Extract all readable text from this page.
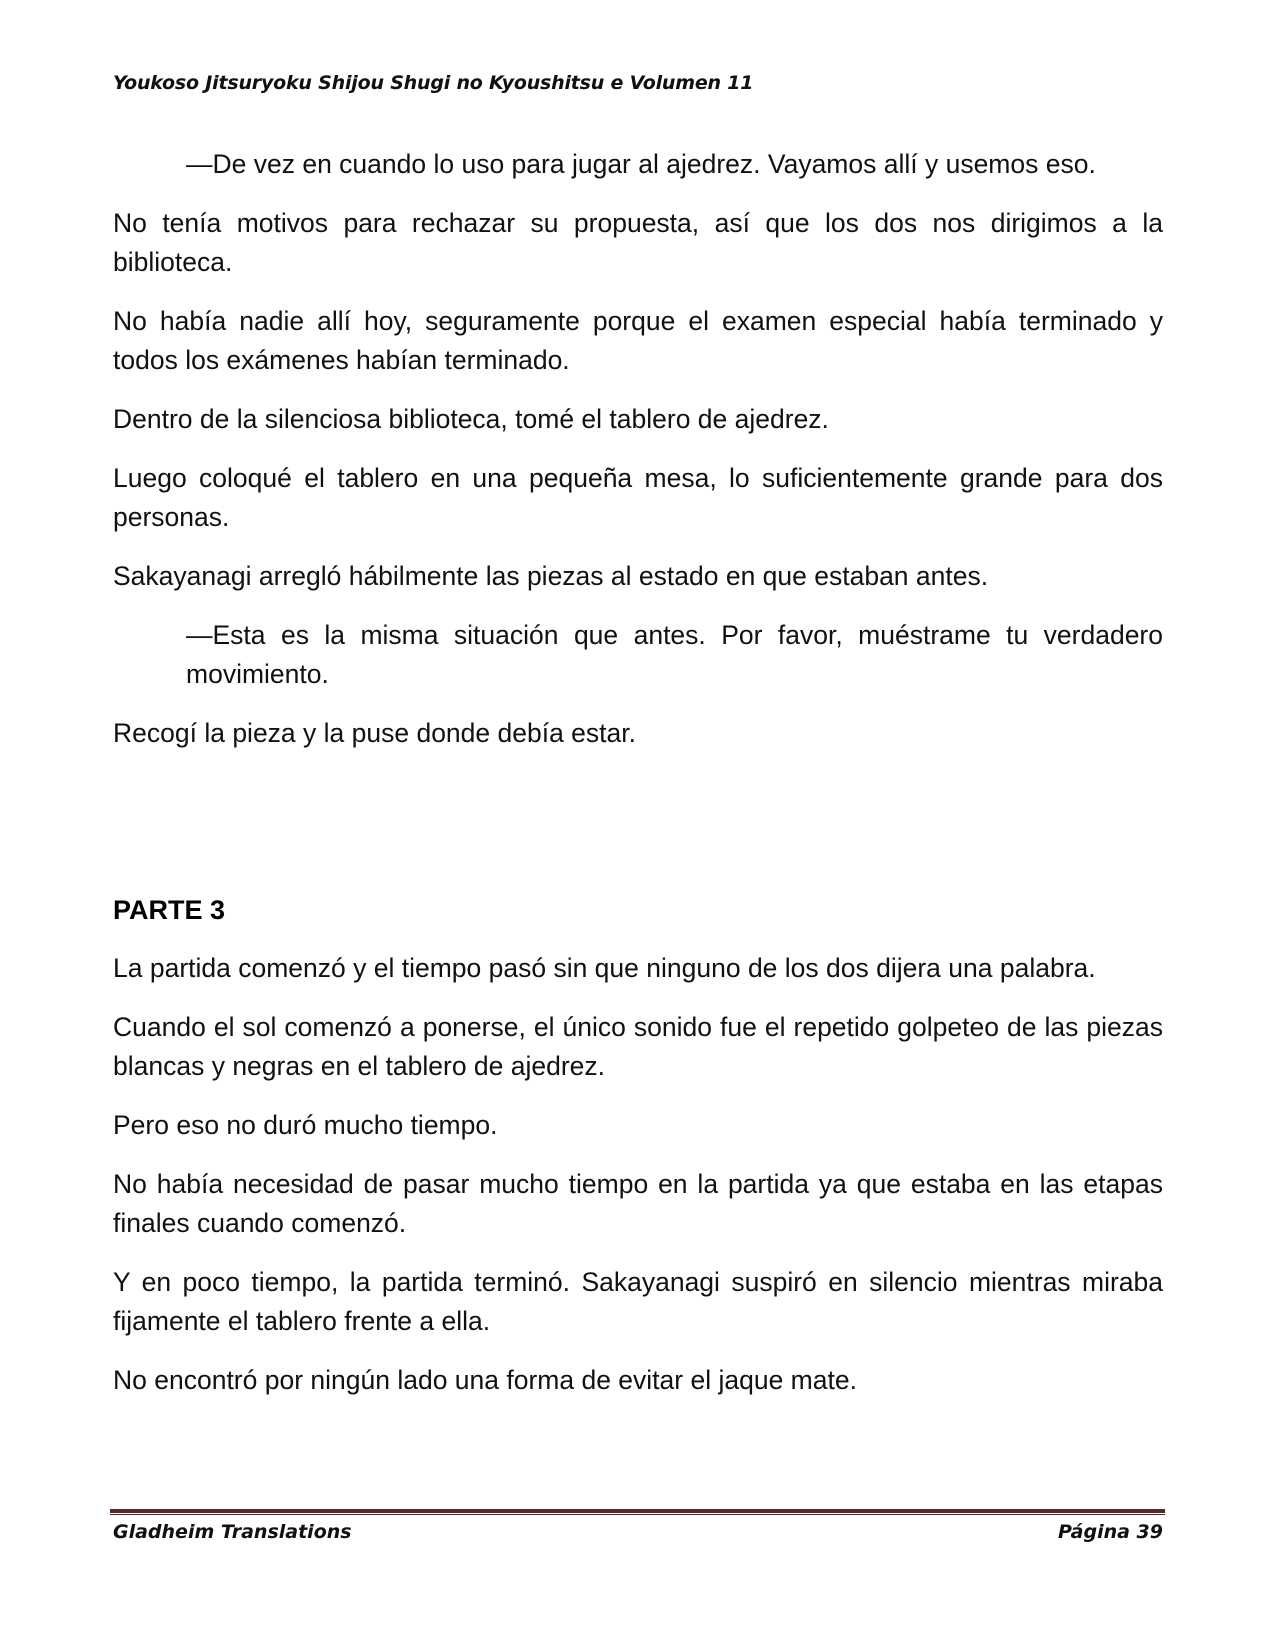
Youkoso Jitsuryoku Shijou Shugi no Kyoushitsu e Volumen 11

—De vez en cuando lo uso para jugar al ajedrez. Vayamos allí y usemos eso.

No tenía motivos para rechazar su propuesta, así que los dos nos dirigimos a la biblioteca.

No había nadie allí hoy, seguramente porque el examen especial había terminado y todos los exámenes habían terminado.

Dentro de la silenciosa biblioteca, tomé el tablero de ajedrez.

Luego coloqué el tablero en una pequeña mesa, lo suficientemente grande para dos personas.

Sakayanagi arregló hábilmente las piezas al estado en que estaban antes.

—Esta es la misma situación que antes. Por favor, muéstrame tu verdadero movimiento.

Recogí la pieza y la puse donde debía estar.

PARTE 3

La partida comenzó y el tiempo pasó sin que ninguno de los dos dijera una palabra.

Cuando el sol comenzó a ponerse, el único sonido fue el repetido golpeteo de las piezas blancas y negras en el tablero de ajedrez.

Pero eso no duró mucho tiempo.

No había necesidad de pasar mucho tiempo en la partida ya que estaba en las etapas finales cuando comenzó.

Y en poco tiempo, la partida terminó. Sakayanagi suspiró en silencio mientras miraba fijamente el tablero frente a ella.

No encontró por ningún lado una forma de evitar el jaque mate.

Gladheim Translations	Página 39
